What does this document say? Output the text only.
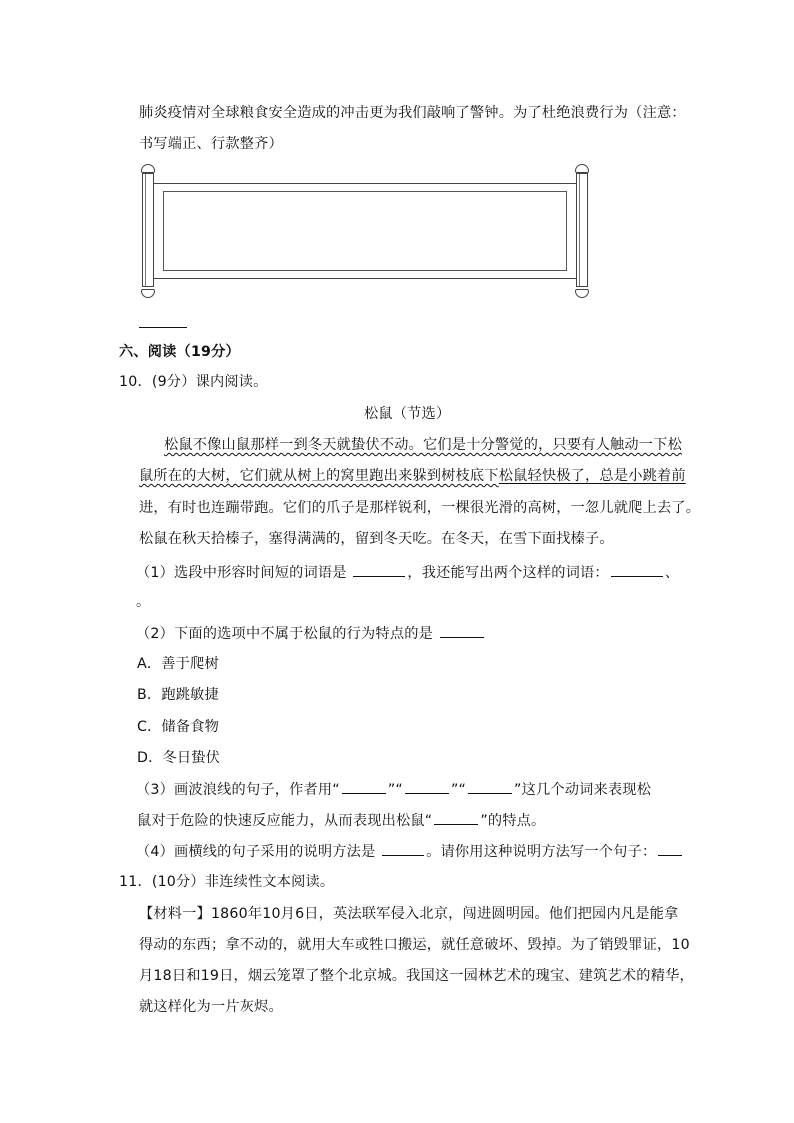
肺炎疫情对全球粮食安全造成的冲击更为我们敲响了警钟。为了杜绝浪费行为（注意：
书写端正、行款整齐）
六、阅读（19分）
10．(9分）课内阅读。
松鼠（节选）
松鼠不像山鼠那样一到冬天就蛰伏不动。它们是十分警觉的，只要有人触动一下松
鼠所在的大树，它们就从树上的窝里跑出来躲到树枝底下松鼠轻快极了，总是小跳着前
进，有时也连蹦带跑。它们的爪子是那样锐利，一棵很光滑的高树，一忽儿就爬上去了。
松鼠在秋天拾榛子，塞得满满的，留到冬天吃。在冬天，在雪下面找榛子。
（1）选段中形容时间短的词语是	，我还能写出两个这样的词语：	、
。
（2）下面的选项中不属于松鼠的行为特点的是
A．善于爬树
B．跑跳敏捷
C．储备食物
D．冬日蛰伏
（3）画波浪线的句子，作者用“	”“	”“	”这几个动词来表现松
鼠对于危险的快速反应能力，从而表现出松鼠“	”的特点。
（4）画横线的句子采用的说明方法是	。请你用这种说明方法写一个句子：
11．(10分）非连续性文本阅读。
【材料一】1860年10月6日，英法联军侵入北京，闯进圆明园。他们把园内凡是能拿
得动的东西；拿不动的，就用大车或牲口搬运，就任意破坏、毁掉。为了销毁罪证，10
月18日和19日，烟云笼罩了整个北京城。我国这一园林艺术的瑰宝、建筑艺术的精华，
就这样化为一片灰烬。
